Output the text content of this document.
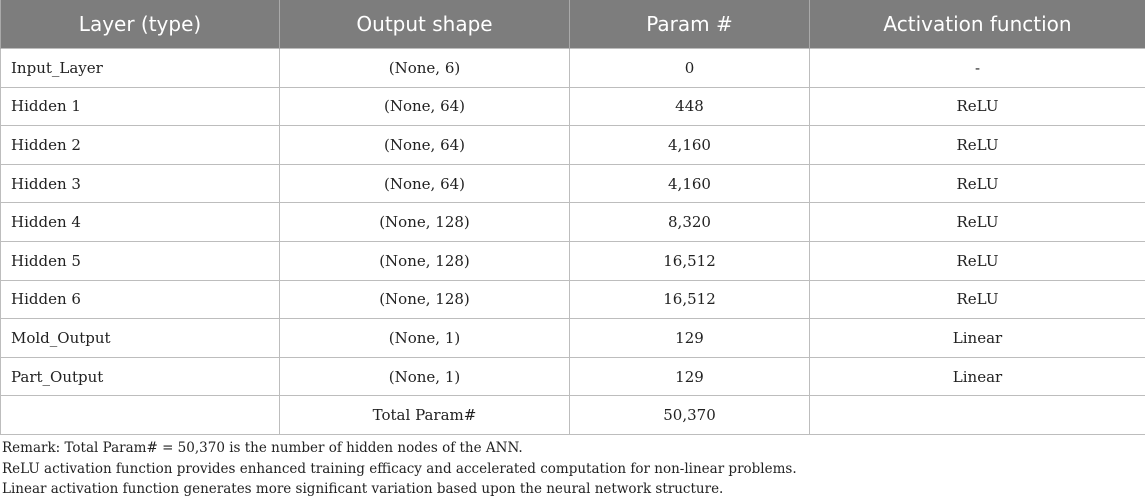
Layer (type)	Output shape	Param #	Activation function
Input_Layer	(None, 6)	0	-
Hidden 1	(None, 64)	448	ReLU
Hidden 2	(None, 64)	4,160	ReLU
Hidden 3	(None, 64)	4,160	ReLU
Hidden 4	(None, 128)	8,320	ReLU
Hidden 5	(None, 128)	16,512	ReLU
Hidden 6	(None, 128)	16,512	ReLU
Mold_Output	(None, 1)	129	Linear
Part_Output	(None, 1)	129	Linear
	Total Param#	50,370	

Remark: Total Param# = 50,370 is the number of hidden nodes of the ANN.

ReLU activation function provides enhanced training efficacy and accelerated computation for non-linear problems.

Linear activation function generates more significant variation based upon the neural network structure.
